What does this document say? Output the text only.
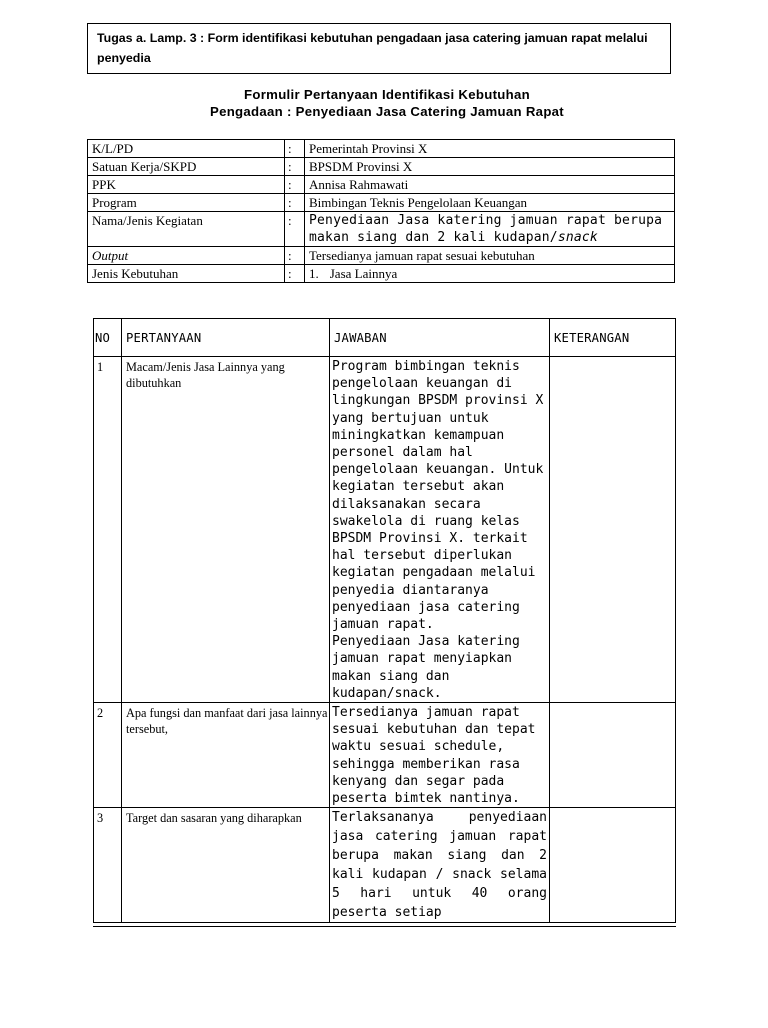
Tugas a. Lamp. 3 : Form identifikasi kebutuhan pengadaan jasa catering jamuan rapat melalui penyedia
Formulir Pertanyaan Identifikasi Kebutuhan
Pengadaan : Penyediaan Jasa Catering Jamuan Rapat
K/L/PD	:	Pemerintah Provinsi X
Satuan Kerja/SKPD	:	BPSDM Provinsi X
PPK	:	Annisa Rahmawati
Program	:	Bimbingan Teknis Pengelolaan Keuangan
Nama/Jenis Kegiatan	:	Penyediaan Jasa katering jamuan rapat berupa makan siang dan 2 kali kudapan/snack
Output	:	Tersedianya jamuan rapat sesuai kebutuhan
Jenis Kebutuhan	:	1. Jasa Lainnya
NO	PERTANYAAN	JAWABAN	KETERANGAN
1	Macam/Jenis Jasa Lainnya yang dibutuhkan	Program bimbingan teknis pengelolaan keuangan di lingkungan BPSDM provinsi X yang bertujuan untuk miningkatkan kemampuan personel dalam hal pengelolaan keuangan. Untuk kegiatan tersebut akan dilaksanakan secara swakelola di ruang kelas BPSDM Provinsi X. terkait hal tersebut diperlukan kegiatan pengadaan melalui penyedia diantaranya penyediaan jasa catering jamuan rapat.
Penyediaan Jasa katering jamuan rapat menyiapkan makan siang dan kudapan/snack.	

2	Apa fungsi dan manfaat dari jasa lainnya tersebut,	Tersedianya jamuan rapat sesuai kebutuhan dan tepat waktu sesuai schedule, sehingga memberikan rasa kenyang dan segar pada peserta bimtek nantinya.	

3	Target dan sasaran yang diharapkan	Terlaksananya penyediaan jasa catering jamuan rapat berupa makan siang dan 2 kali kudapan / snack selama 5 hari untuk 40 orang peserta setiap	
